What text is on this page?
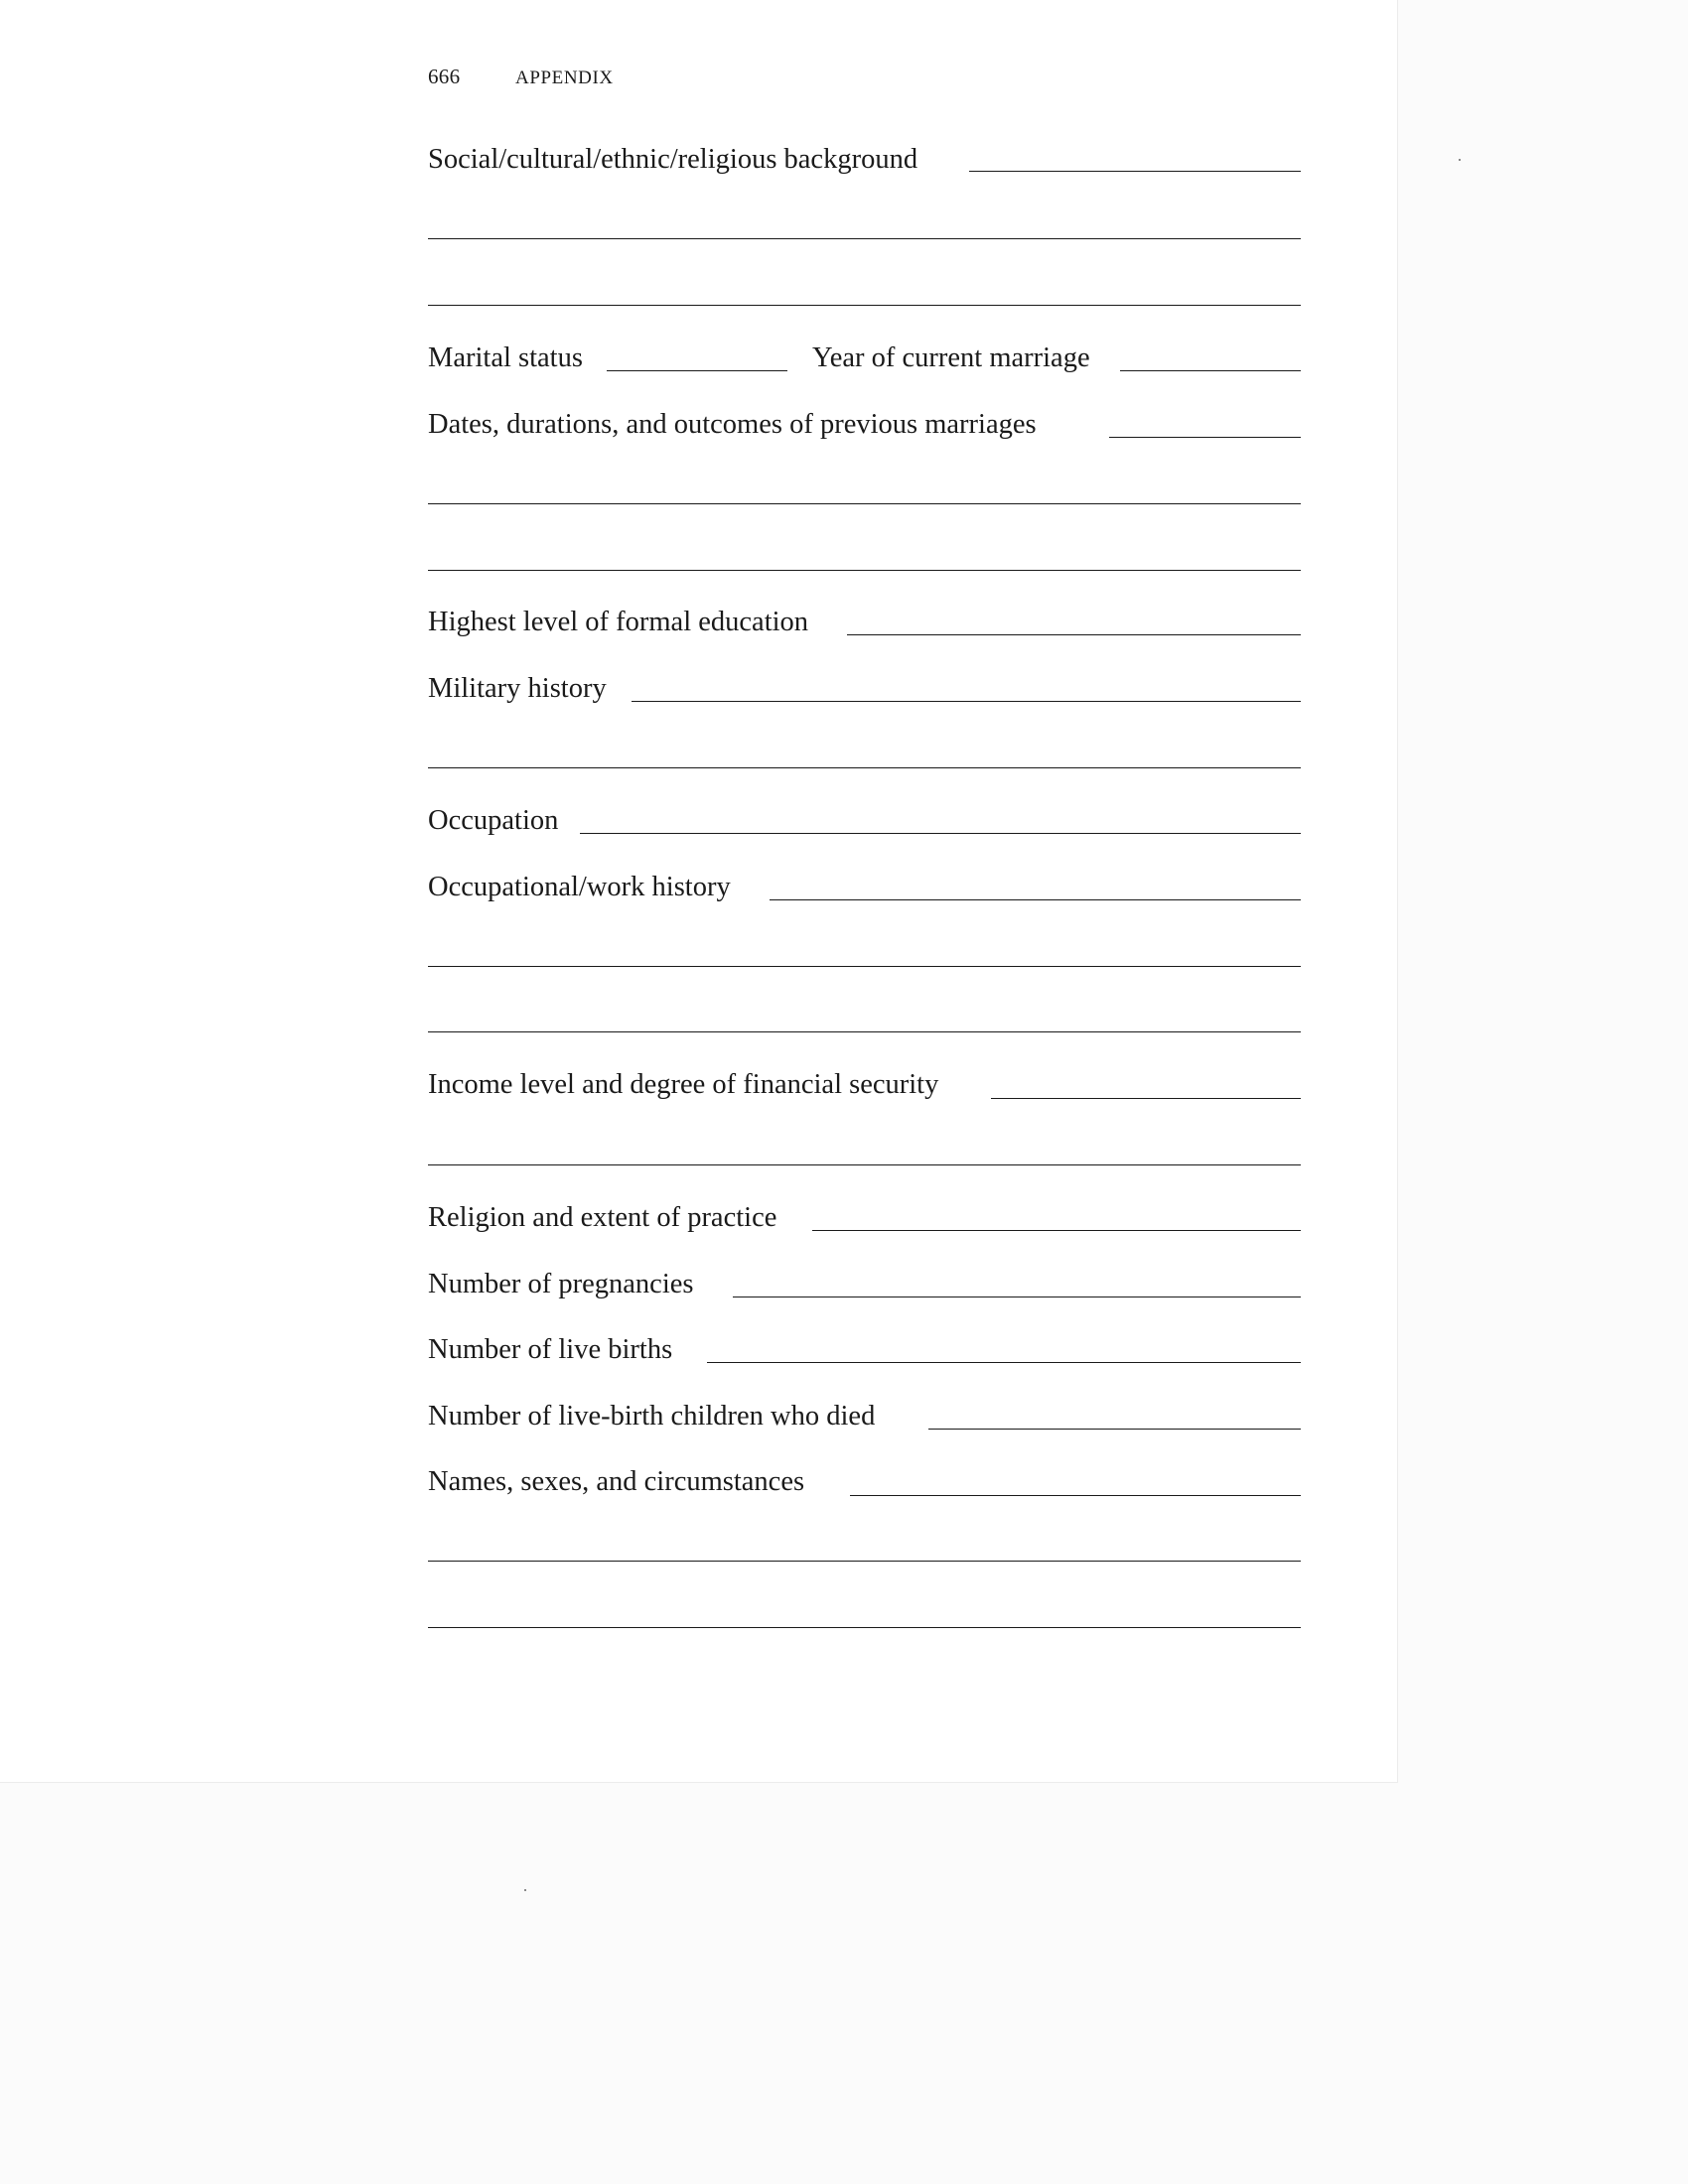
666	APPENDIX
Social/cultural/ethnic/religious background
Marital status	Year of current marriage
Dates, durations, and outcomes of previous marriages
Highest level of formal education
Military history
Occupation
Occupational/work history
Income level and degree of financial security
Religion and extent of practice
Number of pregnancies
Number of live births
Number of live-birth children who died
Names, sexes, and circumstances
